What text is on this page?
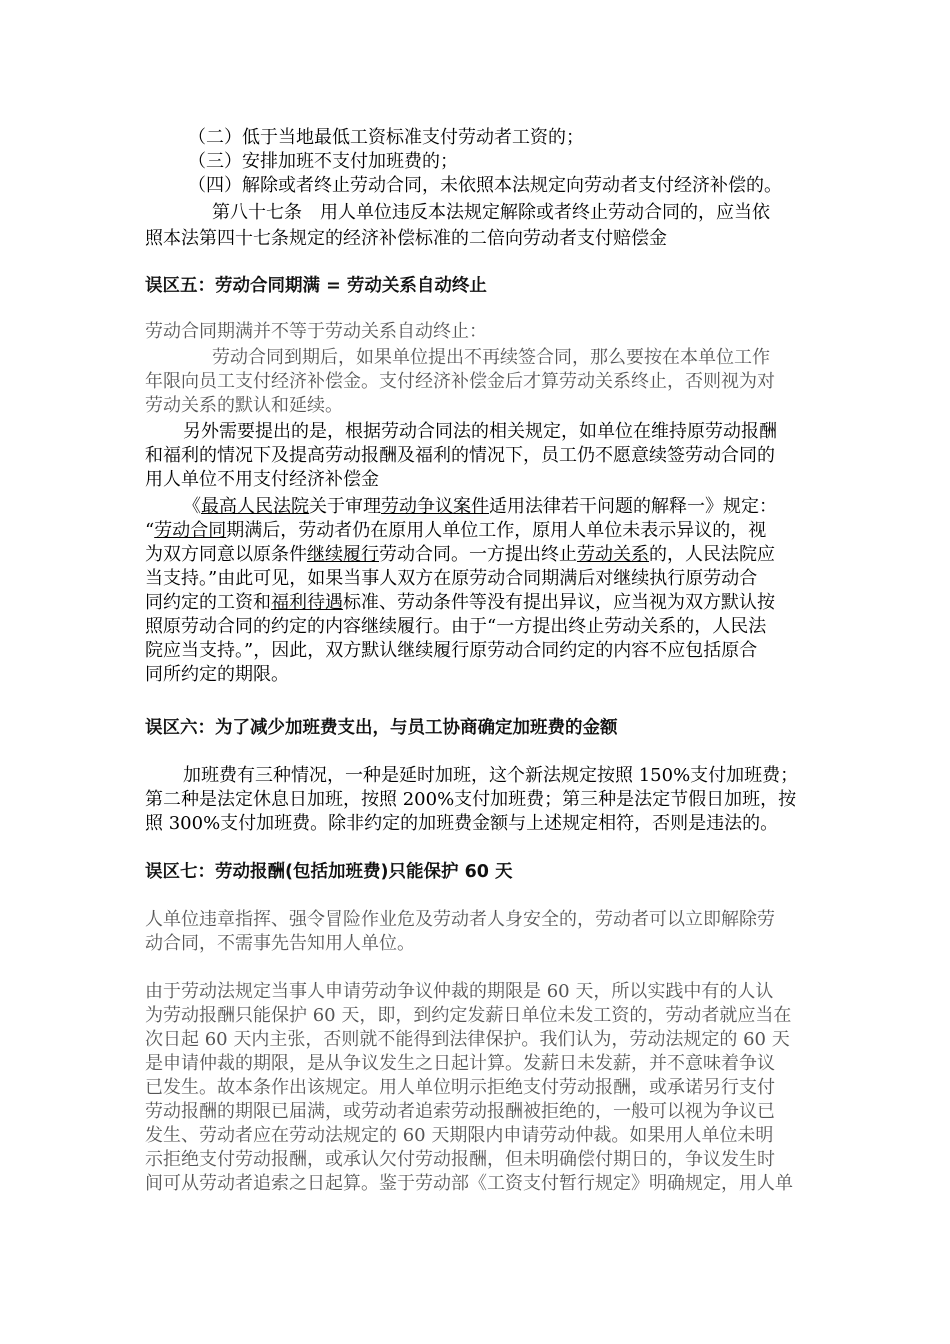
（二）低于当地最低工资标准支付劳动者工资的；
（三）安排加班不支付加班费的；
（四）解除或者终止劳动合同，未依照本法规定向劳动者支付经济补偿的。
第八十七条　用人单位违反本法规定解除或者终止劳动合同的，应当依
照本法第四十七条规定的经济补偿标准的二倍向劳动者支付赔偿金
误区五：劳动合同期满 = 劳动关系自动终止
劳动合同期满并不等于劳动关系自动终止：
劳动合同到期后，如果单位提出不再续签合同，那么要按在本单位工作
年限向员工支付经济补偿金。支付经济补偿金后才算劳动关系终止，否则视为对
劳动关系的默认和延续。
另外需要提出的是，根据劳动合同法的相关规定，如单位在维持原劳动报酬
和福利的情况下及提高劳动报酬及福利的情况下，员工仍不愿意续签劳动合同的
用人单位不用支付经济补偿金
《最高人民法院关于审理劳动争议案件适用法律若干问题的解释一》规定：
“劳动合同期满后，劳动者仍在原用人单位工作，原用人单位未表示异议的，视
为双方同意以原条件继续履行劳动合同。一方提出终止劳动关系的，人民法院应
当支持。”由此可见，如果当事人双方在原劳动合同期满后对继续执行原劳动合
同约定的工资和福利待遇标准、劳动条件等没有提出异议，应当视为双方默认按
照原劳动合同的约定的内容继续履行。由于“一方提出终止劳动关系的，人民法
院应当支持。”，因此，双方默认继续履行原劳动合同约定的内容不应包括原合
同所约定的期限。
误区六：为了减少加班费支出，与员工协商确定加班费的金额
加班费有三种情况，一种是延时加班，这个新法规定按照 150%支付加班费；
第二种是法定休息日加班，按照 200%支付加班费；第三种是法定节假日加班，按
照 300%支付加班费。除非约定的加班费金额与上述规定相符，否则是违法的。
误区七：劳动报酬(包括加班费)只能保护 60 天
人单位违章指挥、强令冒险作业危及劳动者人身安全的，劳动者可以立即解除劳
动合同，不需事先告知用人单位。
由于劳动法规定当事人申请劳动争议仲裁的期限是 60 天，所以实践中有的人认
为劳动报酬只能保护 60 天，即，到约定发薪日单位未发工资的，劳动者就应当在
次日起 60 天内主张，否则就不能得到法律保护。我们认为，劳动法规定的 60 天
是申请仲裁的期限，是从争议发生之日起计算。发薪日未发薪，并不意味着争议
已发生。故本条作出该规定。用人单位明示拒绝支付劳动报酬，或承诺另行支付
劳动报酬的期限已届满，或劳动者追索劳动报酬被拒绝的，一般可以视为争议已
发生、劳动者应在劳动法规定的 60 天期限内申请劳动仲裁。如果用人单位未明
示拒绝支付劳动报酬，或承认欠付劳动报酬，但未明确偿付期日的，争议发生时
间可从劳动者追索之日起算。鉴于劳动部《工资支付暂行规定》明确规定，用人单
